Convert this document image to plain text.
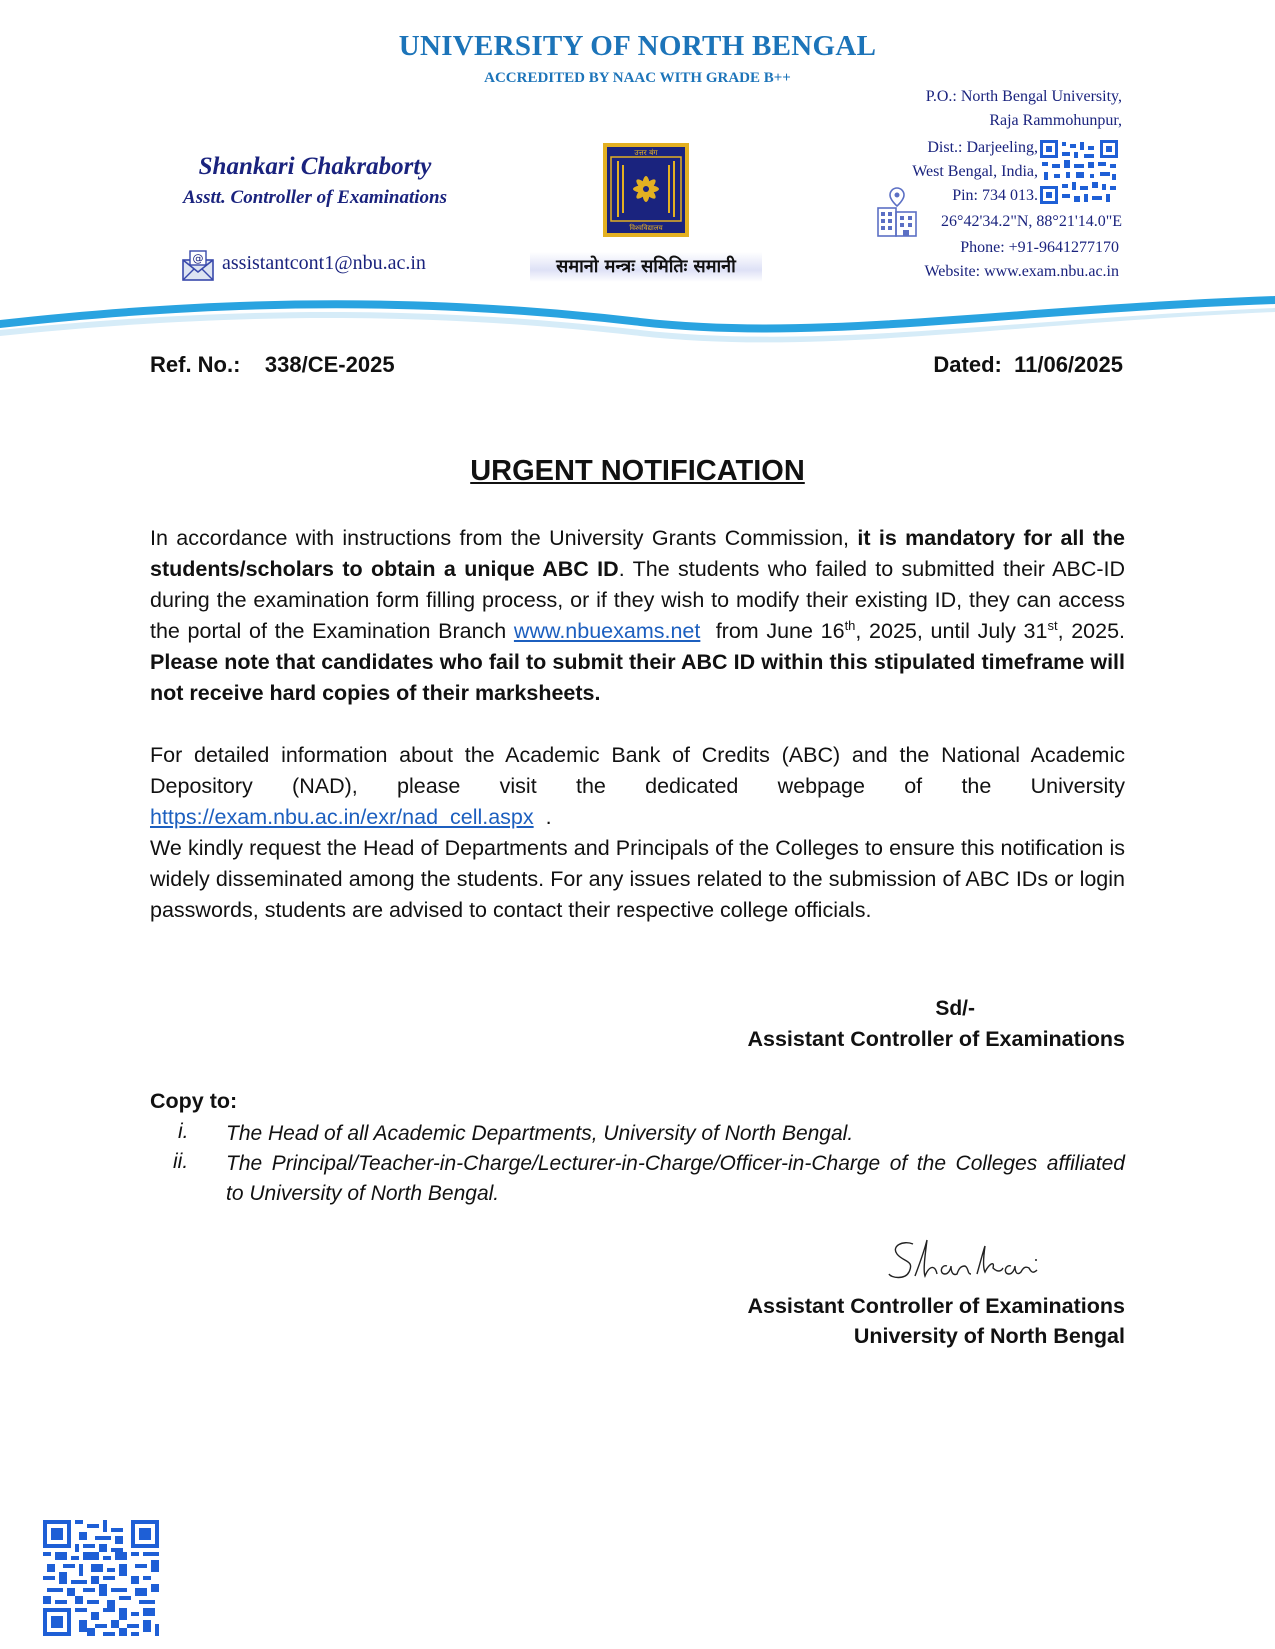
UNIVERSITY OF NORTH BENGAL
ACCREDITED BY NAAC WITH GRADE B++
Shankari Chakraborty
Asstt. Controller of Examinations
@ assistantcont1@nbu.ac.in
उत्तर बंग
विश्वविद्यालय
समानो मन्त्रः समितिः समानी
P.O.: North Bengal University,
Raja Rammohunpur,
Dist.: Darjeeling,
West Bengal, India,
Pin: 734 013.
26°42'34.2"N, 88°21'14.0"E
Phone: +91-9641277170
Website: www.exam.nbu.ac.in
Ref. No.: 338/CE-2025	Dated: 11/06/2025
URGENT NOTIFICATION
In accordance with instructions from the University Grants Commission, it is mandatory for all the students/scholars to obtain a unique ABC ID. The students who failed to submitted their ABC-ID during the examination form filling process, or if they wish to modify their existing ID, they can access the portal of the Examination Branch www.nbuexams.net  from June 16th, 2025, until July 31st, 2025. Please note that candidates who fail to submit their ABC ID within this stipulated timeframe will not receive hard copies of their marksheets.
For detailed information about the Academic Bank of Credits (ABC) and the National Academic Depository (NAD), please visit the dedicated webpage of the University https://exam.nbu.ac.in/exr/nad_cell.aspx  .
We kindly request the Head of Departments and Principals of the Colleges to ensure this notification is widely disseminated among the students. For any issues related to the submission of ABC IDs or login passwords, students are advised to contact their respective college officials.
Sd/-
Assistant Controller of Examinations
Copy to:
i. The Head of all Academic Departments, University of North Bengal.
ii. The Principal/Teacher-in-Charge/Lecturer-in-Charge/Officer-in-Charge of the Colleges affiliated to University of North Bengal.
Assistant Controller of Examinations
University of North Bengal
